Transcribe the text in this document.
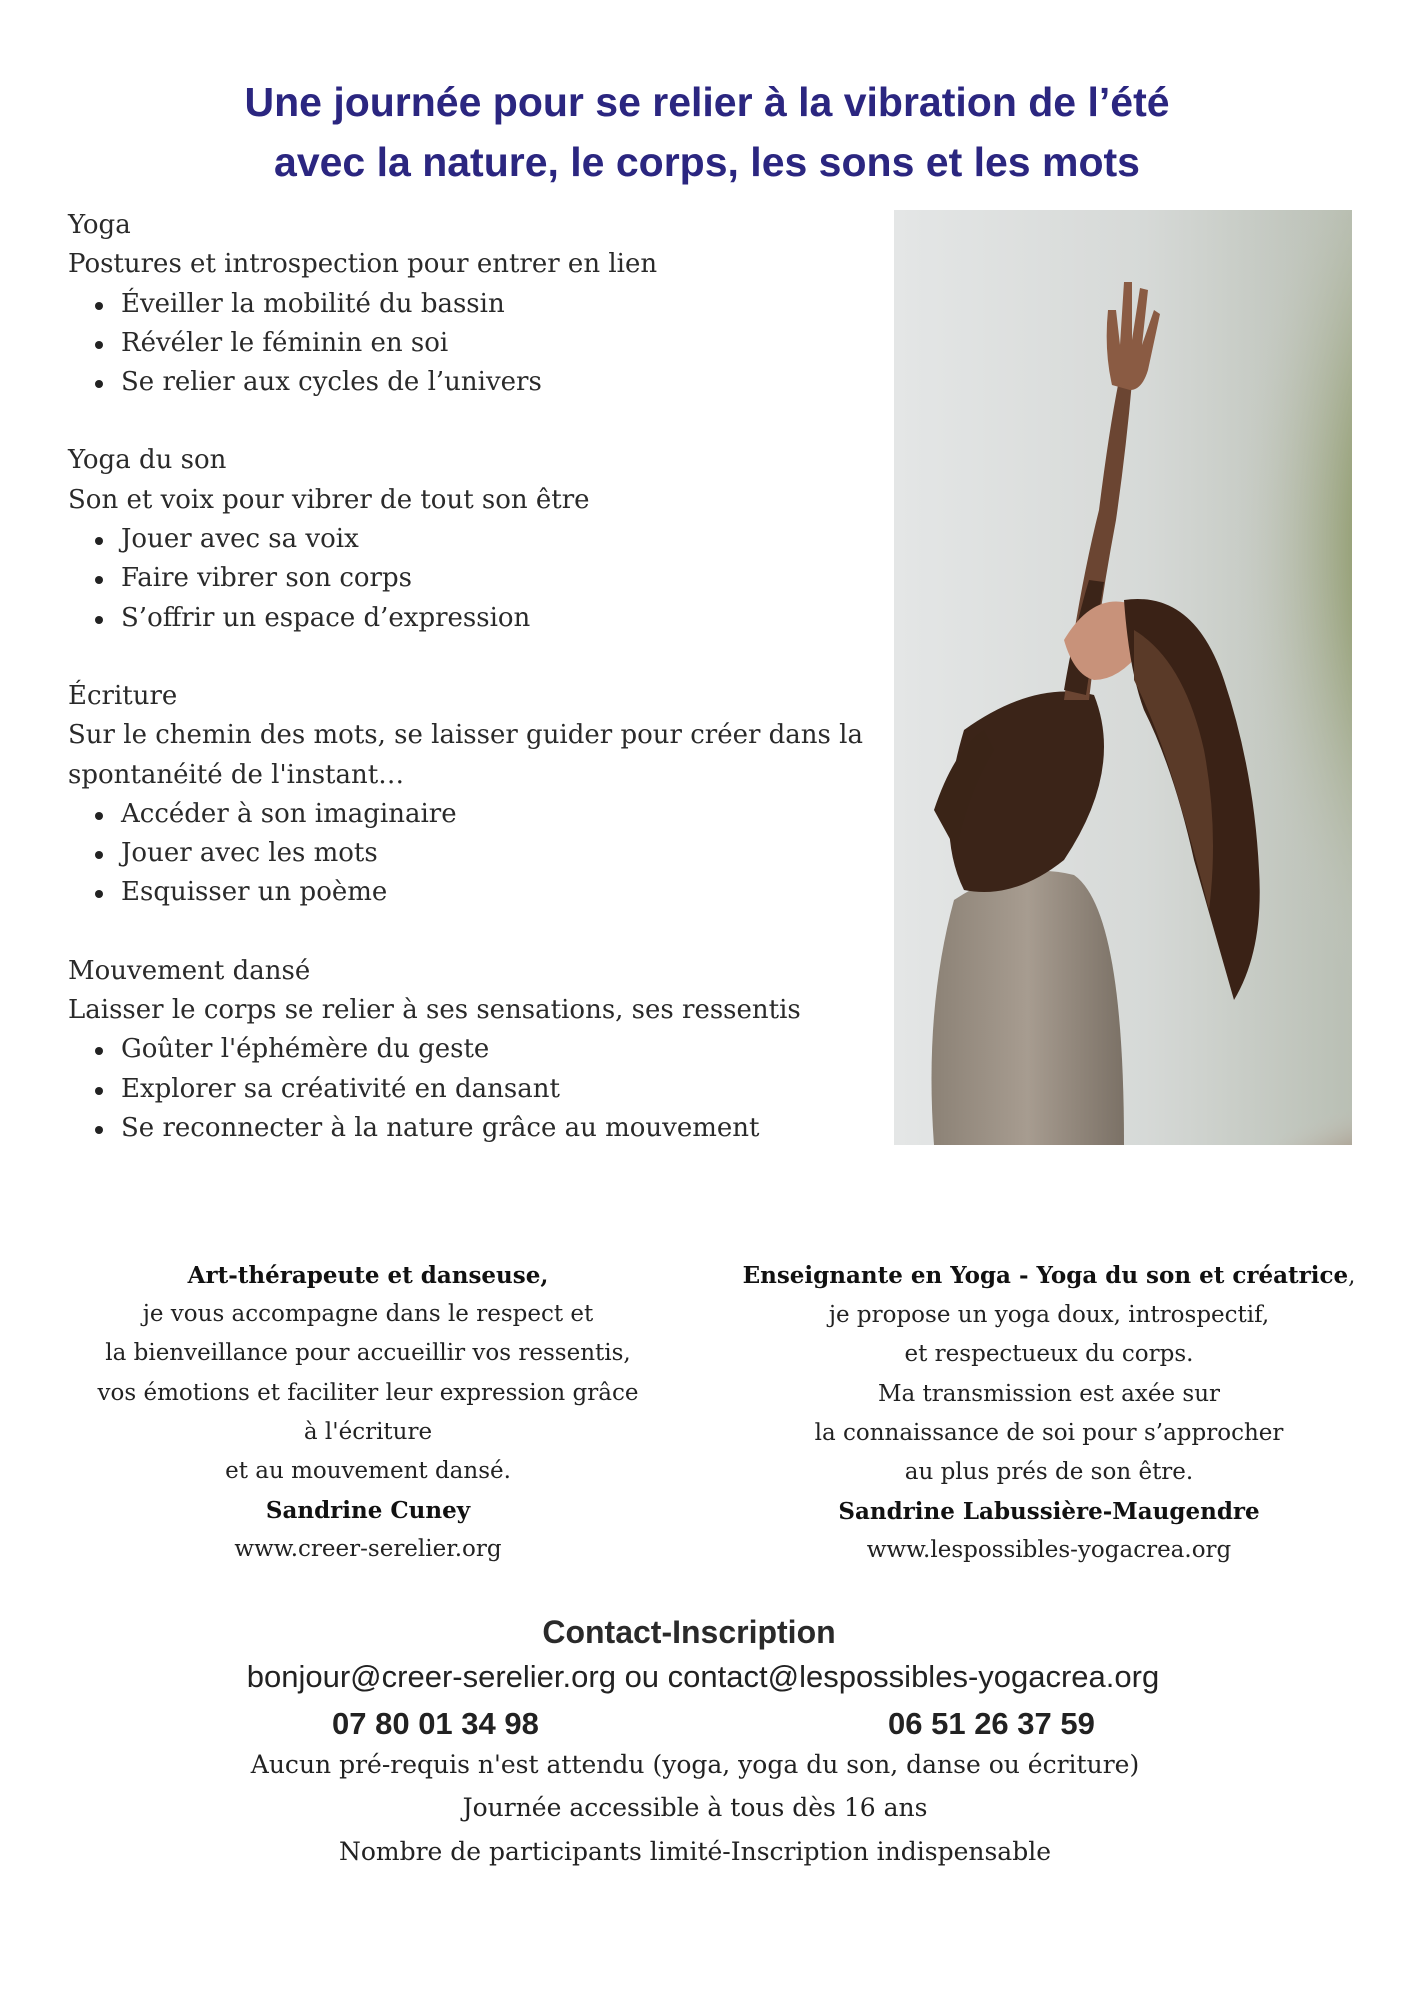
Une journée pour se relier à la vibration de l’été
avec la nature, le corps, les sons et les mots
Yoga
Postures et introspection pour entrer en lien
Éveiller la mobilité du bassin
Révéler le féminin en soi
Se relier aux cycles de l’univers
Yoga du son
Son et voix pour vibrer de tout son être
Jouer avec sa voix
Faire vibrer son corps
S’offrir un espace d’expression
Écriture
Sur le chemin des mots, se laisser guider pour créer dans la spontanéité de l'instant…
Accéder à son imaginaire
Jouer avec les mots
Esquisser un poème
Mouvement dansé
Laisser le corps se relier à ses sensations, ses ressentis
Goûter l'éphémère du geste
Explorer sa créativité en dansant
Se reconnecter à la nature grâce au mouvement
Art-thérapeute et danseuse,
je vous accompagne dans le respect et
la bienveillance pour accueillir vos ressentis,
vos émotions et faciliter leur expression grâce
à l'écriture
et au mouvement dansé.
Sandrine Cuney
www.creer-serelier.org
Enseignante en Yoga - Yoga du son et créatrice,
je propose un yoga doux, introspectif,
et respectueux du corps.
Ma transmission est axée sur
la connaissance de soi pour s’approcher
au plus prés de son être.
Sandrine Labussière-Maugendre
www.lespossibles-yogacrea.org
Contact-Inscription
bonjour@creer-serelier.org ou contact@lespossibles-yogacrea.org
07 80 01 34 98	06 51 26 37 59
Aucun pré-requis n'est attendu (yoga, yoga du son, danse ou écriture)
Journée accessible à tous dès 16 ans
Nombre de participants limité-Inscription indispensable
